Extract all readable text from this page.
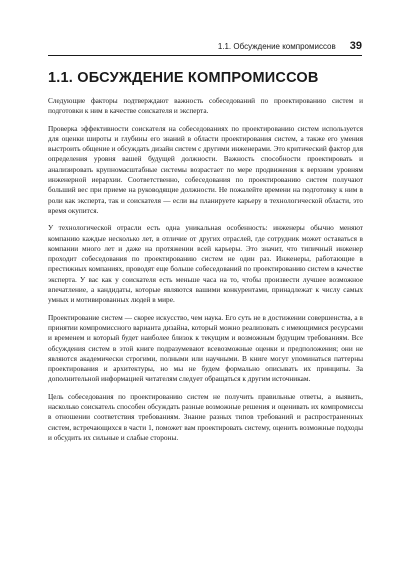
1.1. Обсуждение компромиссов 39
1.1. ОБСУЖДЕНИЕ КОМПРОМИССОВ

Следующие факторы подтверждают важность собеседований по проектированию систем и подготовки к ним в качестве соискателя и эксперта.

Проверка эффективности соискателя на собеседованиях по проектированию систем используется для оценки широты и глубины его знаний в области проектирования систем, а также его умения выстроить общение и обсуждать дизайн систем с другими инженерами. Это критический фактор для определения уровня вашей будущей должности. Важность способности проектировать и анализировать крупномасштабные системы возрастает по мере продвижения к верхним уровням инженерной иерархии. Соответственно, собеседования по проектированию систем получают больший вес при приеме на руководящие должности. Не пожалейте времени на подготовку к ним в роли как эксперта, так и соискателя — если вы планируете карьеру в технологической области, это время окупится.

У технологической отрасли есть одна уникальная особенность: инженеры обычно меняют компанию каждые несколько лет, в отличие от других отраслей, где сотрудник может оставаться в компании много лет и даже на протяжении всей карьеры. Это значит, что типичный инженер проходит собеседования по проектированию систем не один раз. Инженеры, работающие в престижных компаниях, проводят еще больше собеседований по проектированию систем в качестве эксперта. У вас как у соискателя есть меньше часа на то, чтобы произвести лучшее возможное впечатление, а кандидаты, которые являются вашими конкурентами, принадлежат к числу самых умных и мотивированных людей в мире.

Проектирование систем — скорее искусство, чем наука. Его суть не в достижении совершенства, а в принятии компромиссного варианта дизайна, который можно реализовать с имеющимися ресурсами и временем и который будет наиболее близок к текущим и возможным будущим требованиям. Все обсуждения систем в этой книге подразумевают всевозможные оценки и предположения; они не являются академически строгими, полными или научными. В книге могут упоминаться паттерны проектирования и архитектуры, но мы не будем формально описывать их принципы. За дополнительной информацией читателям следует обращаться к другим источникам.

Цель собеседования по проектированию систем не получить правильные ответы, а выявить, насколько соискатель способен обсуждать разные возможные решения и оценивать их компромиссы в отношении соответствия требованиям. Знание разных типов требований и распространенных систем, встречающихся в части 1, поможет вам проектировать систему, оценить возможные подходы и обсудить их сильные и слабые стороны.
